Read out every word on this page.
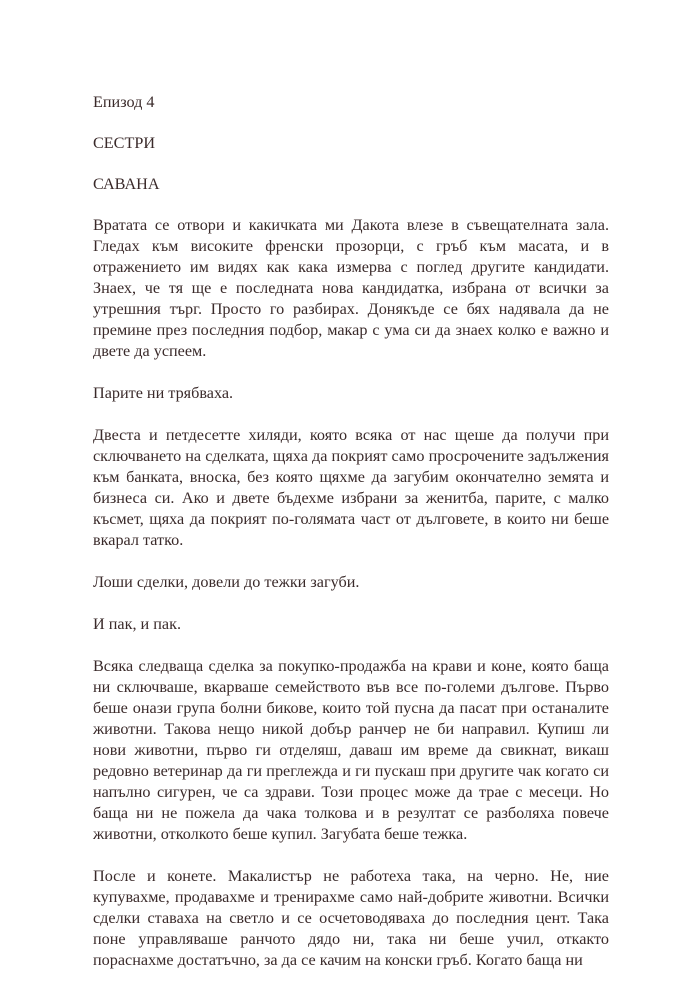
Епизод 4

СЕСТРИ

САВАНА

Вратата се отвори и какичката ми Дакота влезе в съвещателната зала. Гледах към високите френски прозорци, с гръб към масата, и в отражението им видях как кака измерва с поглед другите кандидати. Знаех, че тя ще е последната нова кандидатка, избрана от всички за утрешния търг. Просто го разбирах. Донякъде се бях надявала да не премине през последния подбор, макар с ума си да знаех колко е важно и двете да успеем.

Парите ни трябваха.

Двеста и петдесетте хиляди, която всяка от нас щеше да получи при сключването на сделката, щяха да покрият само просрочените задължения към банката, вноска, без която щяхме да загубим окончателно земята и бизнеса си. Ако и двете бъдехме избрани за женитба, парите, с малко късмет, щяха да покрият по-голямата част от дълговете, в които ни беше вкарал татко.

Лоши сделки, довели до тежки загуби.

И пак, и пак.

Всяка следваща сделка за покупко-продажба на крави и коне, която баща ни сключваше, вкарваше семейството във все по-големи дългове. Първо беше онази група болни бикове, които той пусна да пасат при останалите животни. Такова нещо никой добър ранчер не би направил. Купиш ли нови животни, първо ги отделяш, даваш им време да свикнат, викаш редовно ветеринар да ги преглежда и ги пускаш при другите чак когато си напълно сигурен, че са здрави. Този процес може да трае с месеци. Но баща ни не пожела да чака толкова и в резултат се разболяха повече животни, отколкото беше купил. Загубата беше тежка.

После и конете. Макалистър не работеха така, на черно. Не, ние купувахме, продавахме и тренирахме само най-добрите животни. Всички сделки ставаха на светло и се осчетоводяваха до последния цент. Така поне управляваше ранчото дядо ни, така ни беше учил, откакто пораснахме достатъчно, за да се качим на конски гръб. Когато баща ни
